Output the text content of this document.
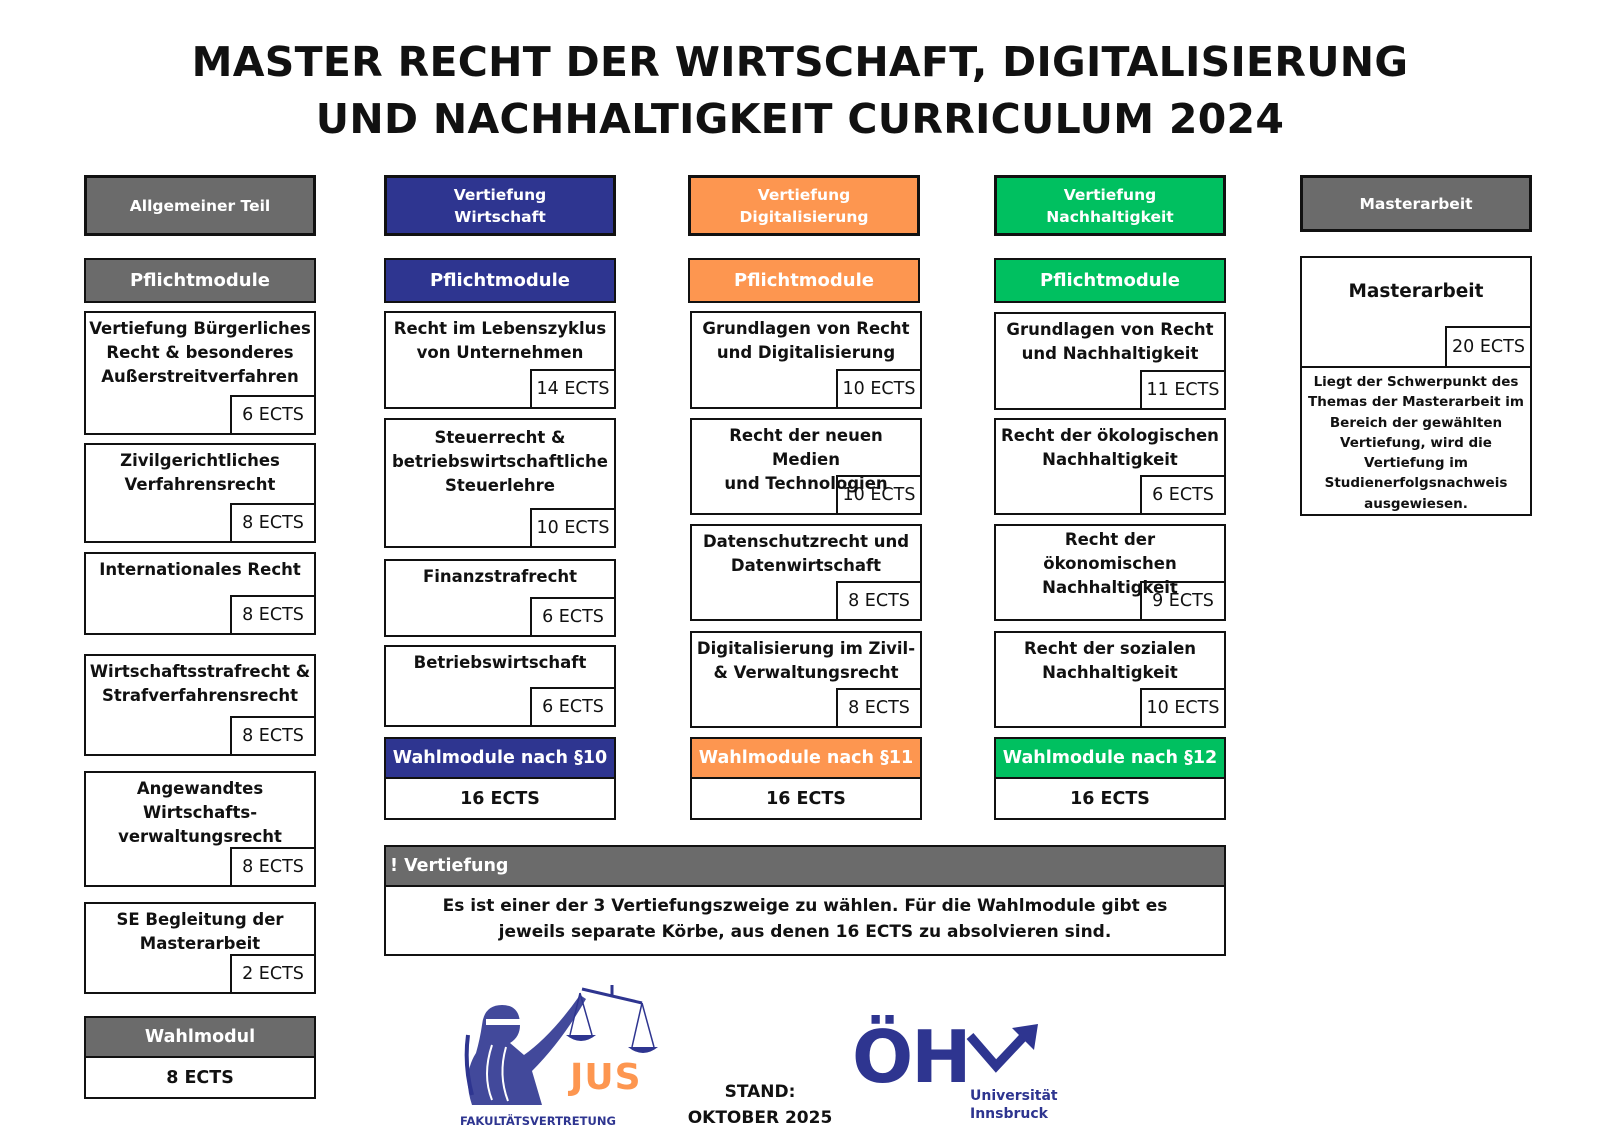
MASTER RECHT DER WIRTSCHAFT, DIGITALISIERUNG
UND NACHHALTIGKEIT CURRICULUM 2024
Allgemeiner Teil
Pflichtmodule
Vertiefung Bürgerliches
Recht & besonderes
Außerstreitverfahren
6 ECTS
Zivilgerichtliches
Verfahrensrecht
8 ECTS
Internationales Recht
8 ECTS
Wirtschaftsstrafrecht &
Strafverfahrensrecht
8 ECTS
Angewandtes
Wirtschafts-
verwaltungsrecht
8 ECTS
SE Begleitung der
Masterarbeit
2 ECTS
Wahlmodul
8 ECTS
Vertiefung
Wirtschaft
Pflichtmodule
Recht im Lebenszyklus
von Unternehmen
14 ECTS
Steuerrecht &
betriebswirtschaftliche
Steuerlehre
10 ECTS
Finanzstrafrecht
6 ECTS
Betriebswirtschaft
6 ECTS
Wahlmodule nach §10
16 ECTS
Vertiefung
Digitalisierung
Pflichtmodule
Grundlagen von Recht
und Digitalisierung
10 ECTS
Recht der neuen Medien
und Technologien
10 ECTS
Datenschutzrecht und
Datenwirtschaft
8 ECTS
Digitalisierung im Zivil-
& Verwaltungsrecht
8 ECTS
Wahlmodule nach §11
16 ECTS
Vertiefung
Nachhaltigkeit
Pflichtmodule
Grundlagen von Recht
und Nachhaltigkeit
11 ECTS
Recht der ökologischen
Nachhaltigkeit
6 ECTS
Recht der ökonomischen
Nachhaltigkeit
9 ECTS
Recht der sozialen
Nachhaltigkeit
10 ECTS
Wahlmodule nach §12
16 ECTS
Masterarbeit
Masterarbeit
20 ECTS
Liegt der Schwerpunkt des
Themas der Masterarbeit im
Bereich der gewählten
Vertiefung, wird die
Vertiefung im
Studienerfolgsnachweis
ausgewiesen.
! Vertiefung
Es ist einer der 3 Vertiefungszweige zu wählen. Für die Wahlmodule gibt es
jeweils separate Körbe, aus denen 16 ECTS zu absolvieren sind.
JUS
FAKULTÄTSVERTRETUNG
STAND:
OKTOBER 2025
ÖH Universität
Innsbruck
